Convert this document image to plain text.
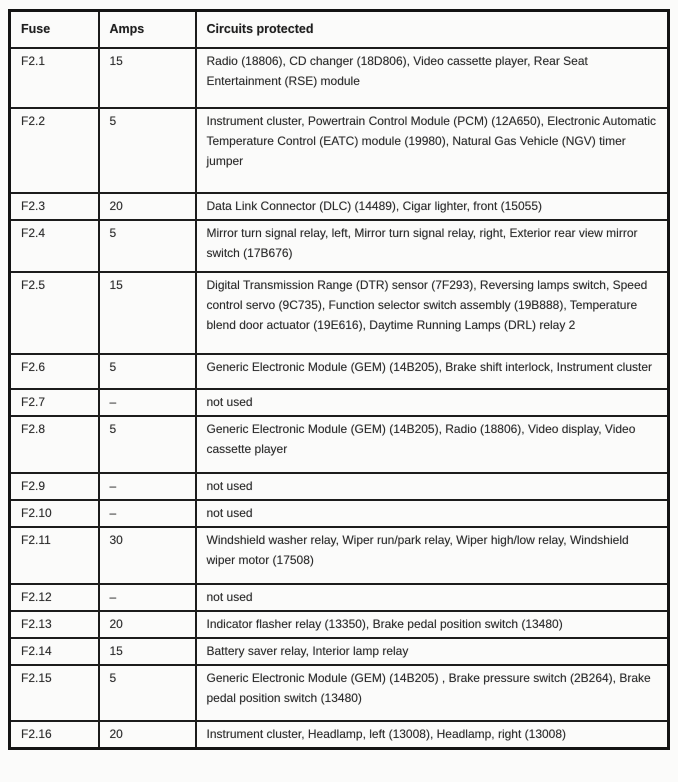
Fuse	Amps	Circuits protected
F2.1	15	Radio (18806), CD changer (18D806), Video cassette player, Rear Seat Entertainment (RSE) module
F2.2	5	Instrument cluster, Powertrain Control Module (PCM) (12A650), Electronic Automatic Temperature Control (EATC) module (19980), Natural Gas Vehicle (NGV) timer jumper
F2.3	20	Data Link Connector (DLC) (14489), Cigar lighter, front (15055)
F2.4	5	Mirror turn signal relay, left, Mirror turn signal relay, right, Exterior rear view mirror switch (17B676)
F2.5	15	Digital Transmission Range (DTR) sensor (7F293), Reversing lamps switch, Speed control servo (9C735), Function selector switch assembly (19B888), Temperature blend door actuator (19E616), Daytime Running Lamps (DRL) relay 2
F2.6	5	Generic Electronic Module (GEM) (14B205), Brake shift interlock, Instrument cluster
F2.7	–	not used
F2.8	5	Generic Electronic Module (GEM) (14B205), Radio (18806), Video display, Video cassette player
F2.9	–	not used
F2.10	–	not used
F2.11	30	Windshield washer relay, Wiper run/park relay, Wiper high/low relay, Windshield wiper motor (17508)
F2.12	–	not used
F2.13	20	Indicator flasher relay (13350), Brake pedal position switch (13480)
F2.14	15	Battery saver relay, Interior lamp relay
F2.15	5	Generic Electronic Module (GEM) (14B205) , Brake pressure switch (2B264), Brake pedal position switch (13480)
F2.16	20	Instrument cluster, Headlamp, left (13008), Headlamp, right (13008)
